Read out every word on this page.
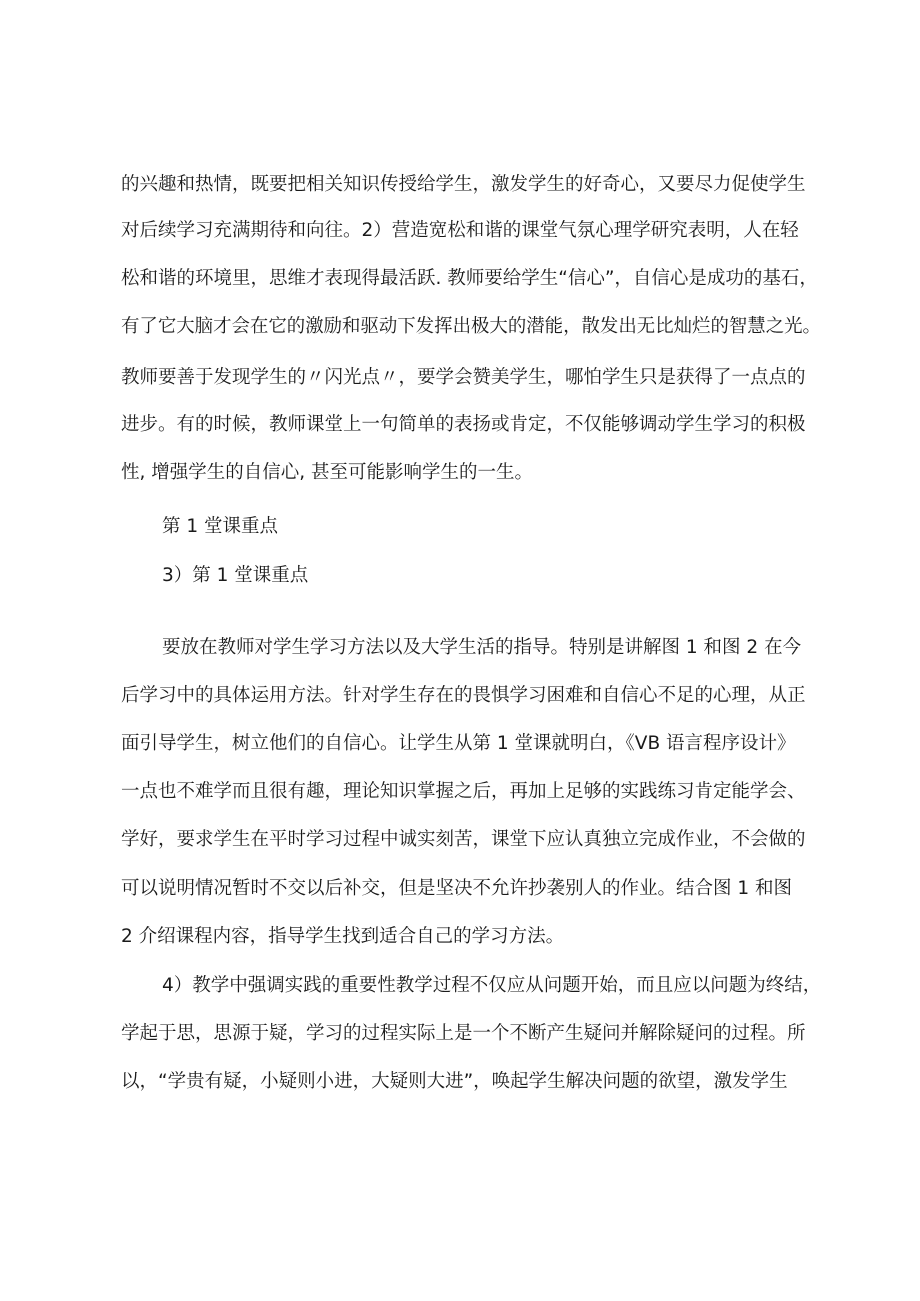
的兴趣和热情，既要把相关知识传授给学生，激发学生的好奇心，又要尽力促使学生
对后续学习充满期待和向往。2）营造宽松和谐的课堂气氛心理学研究表明，人在轻
松和谐的环境里，思维才表现得最活跃. 教师要给学生“信心”，自信心是成功的基石，
有了它大脑才会在它的激励和驱动下发挥出极大的潜能，散发出无比灿烂的智慧之光。
教师要善于发现学生的〃闪光点〃，要学会赞美学生，哪怕学生只是获得了一点点的
进步。有的时候，教师课堂上一句简单的表扬或肯定，不仅能够调动学生学习的积极
性, 增强学生的自信心, 甚至可能影响学生的一生。
第 1 堂课重点
3）第 1 堂课重点
要放在教师对学生学习方法以及大学生活的指导。特别是讲解图 1 和图 2 在今
后学习中的具体运用方法。针对学生存在的畏惧学习困难和自信心不足的心理，从正
面引导学生，树立他们的自信心。让学生从第 1 堂课就明白，《VB 语言程序设计》
一点也不难学而且很有趣，理论知识掌握之后，再加上足够的实践练习肯定能学会、
学好，要求学生在平时学习过程中诚实刻苦，课堂下应认真独立完成作业，不会做的
可以说明情况暂时不交以后补交，但是坚决不允许抄袭别人的作业。结合图 1 和图
2 介绍课程内容，指导学生找到适合自己的学习方法。
4）教学中强调实践的重要性教学过程不仅应从问题开始，而且应以问题为终结，
学起于思，思源于疑，学习的过程实际上是一个不断产生疑问并解除疑问的过程。所
以，“学贵有疑，小疑则小进，大疑则大进”，唤起学生解决问题的欲望，激发学生
